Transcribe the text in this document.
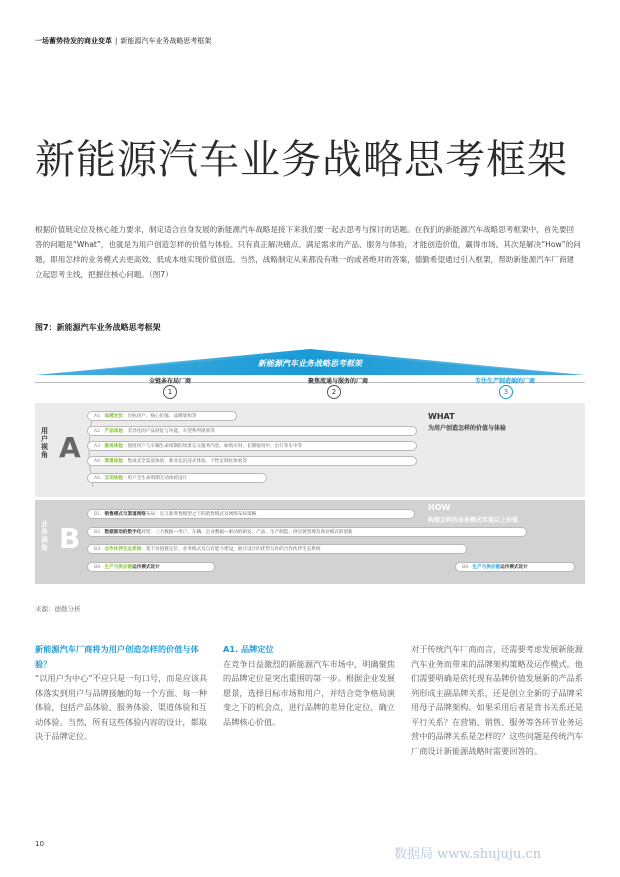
一场蓄势待发的商业变革 | 新能源汽车业务战略思考框架
新能源汽车业务战略思考框架

根据价值链定位及核心能力要求，制定适合自身发展的新能源汽车战略是接下来我们要一起去思考与探讨的话题。在我们的新能源汽车战略思考框架中，首先要回答的问题是“What”，也就是为用户创造怎样的价值与体验。只有真正解决痛点、满足需求的产品、服务与体验，才能创造价值，赢得市场。其次是解决“How”的问题，即用怎样的业务模式去更高效、低成本地实现价值创造。当然，战略制定从来都没有唯一的或者绝对的答案，德勤希望通过引入框架，帮助新能源汽车厂商建立起思考主线，把握住核心问题。（图7）

图7：新能源汽车业务战略思考框架
新能源汽车业务战略思考框架
全链条布局厂商	聚焦流通与服务的厂商	专注生产制造端的厂商
1	2	3
用户视角 A
A1. 品牌定位：目标用户、核心价值、品牌架构等
A2. 产品体验：差异化的产品特征与功能、车型系列规划等
A3. 服务体验：围绕用户与车辆生命周期的场景定义服务内容，如购买时、长期使用中、出行等车中等
A4. 渠道体验：集成式全渠道体验、新业态沉浸式体验、个性定制化体验等
A5. 互动体验：用户全生命周期互动体验设计
WHAT
为用户创造怎样的价值与体验
业务视角 B
B1. 销售模式与渠道网络布局：定义新零售模型之下的销售模式及网络布局策略
B2. 数据驱动的数字化转型：三大数据—用户、车辆、企业数据—驱动的研发、产品、生产制造、供应链管理及商业模式的创新
B3. 合作伙伴生态系统：基于价值链定位、业务模式及自有能力建设，展开设计的优势互补的合作伙伴生态系统
B4. 生产与供应链运作模式设计	B4. 生产与供应链运作模式设计
HOW
构建怎样的业务模式实现以上价值
来源：德勤分析
新能源汽车厂商将为用户创造怎样的价值与体验？
“以用户为中心”不应只是一句口号，而是应该具体落实到用户与品牌接触的每一个方面、每一种体验，包括产品体验、服务体验、渠道体验和互动体验。当然，所有这些体验内容的设计，都取决于品牌定位。
A1. 品牌定位
在竞争日益激烈的新能源汽车市场中，明确聚焦的品牌定位是突出重围的第一步。根据企业发展愿景，选择目标市场和用户，并结合竞争格局演变之下的机会点，进行品牌的差异化定位，确立品牌核心价值。
对于传统汽车厂商而言，还需要考虑发展新能源汽车业务而带来的品牌架构策略及运作模式。他们需要明确是依托现有品牌价值发展新的产品系列形成主副品牌关系，还是创立全新的子品牌采用母子品牌架构。如果采用后者是背书关系还是平行关系？在营销、销售、服务等各环节业务运营中的品牌关系是怎样的？这些问题是传统汽车厂商设计新能源战略时需要回答的。
10
数据局 www.shujuju.cn
